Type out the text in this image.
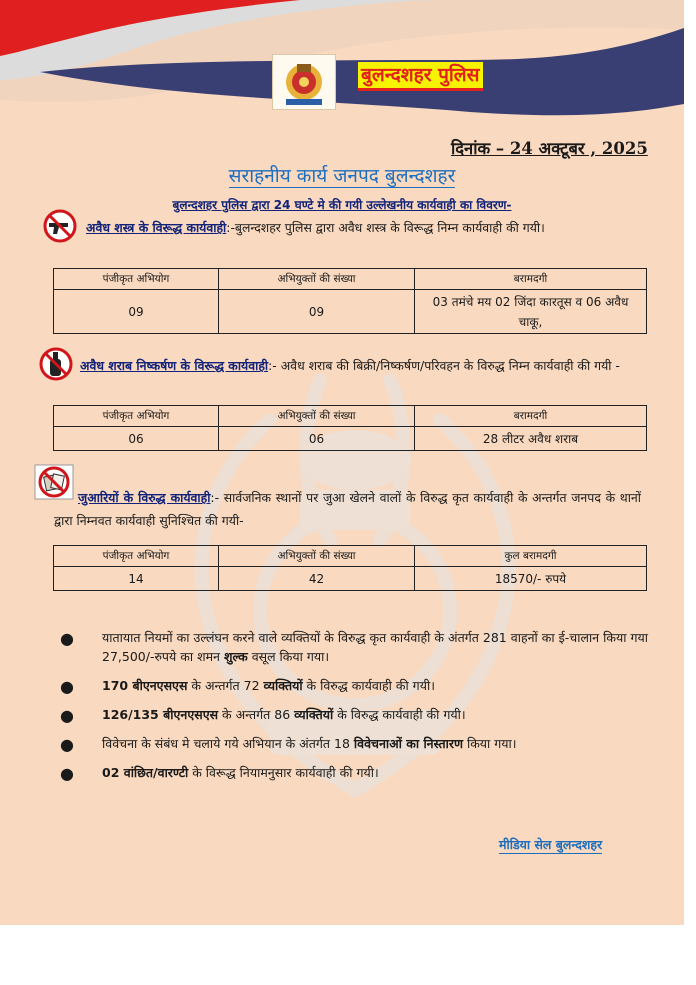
बुलन्दशहर पुलिस
दिनांक – 24 अक्टूबर , 2025
सराहनीय कार्य जनपद बुलन्दशहर
बुलन्दशहर पुलिस द्वारा 24 घण्टे मे की गयी उल्लेखनीय कार्यवाही का विवरण-
अवैध शस्त्र के विरूद्ध कार्यवाही:-बुलन्दशहर पुलिस द्वारा अवैध शस्त्र के विरूद्ध निम्न कार्यवाही की गयी।
पंजीकृत अभियोग	अभियुक्तों की संख्या	बरामदगी
09	09	03 तमंचे मय 02 जिंदा कारतूस व 06 अवैध चाकू,
अवैध शराब निष्कर्षण के विरूद्ध कार्यवाही:- अवैध शराब की बिक्री/निष्कर्षण/परिवहन के विरुद्ध निम्न कार्यवाही की गयी -
पंजीकृत अभियोग	अभियुक्तों की संख्या	बरामदगी
06	06	28 लीटर अवैध शराब
जुआरियों के विरुद्ध कार्यवाही:- सार्वजनिक स्थानों पर जुआ खेलने वालों के विरुद्ध कृत कार्यवाही के अन्तर्गत जनपद के थानों द्वारा निम्नवत कार्यवाही सुनिश्चित की गयी-
पंजीकृत अभियोग	अभियुक्तों की संख्या	कुल बरामदगी
14	42	18570/- रुपये
● यातायात नियमों का उल्लंघन करने वाले व्यक्तियों के विरुद्ध कृत कार्यवाही के अंतर्गत 281 वाहनों का ई-चालान किया गया 27,500/-रुपये का शमन शुल्क वसूल किया गया।
● 170 बीएनएसएस के अन्तर्गत 72 व्यक्तियों के विरुद्ध कार्यवाही की गयी।
● 126/135 बीएनएसएस के अन्तर्गत 86 व्यक्तियों के विरुद्ध कार्यवाही की गयी।
● विवेचना के संबंध मे चलाये गये अभियान के अंतर्गत 18 विवेचनाओं का निस्तारण किया गया।
● 02 वांछित/वारण्टी के विरूद्ध नियामनुसार कार्यवाही की गयी।
मीडिया सेल बुलन्दशहर
